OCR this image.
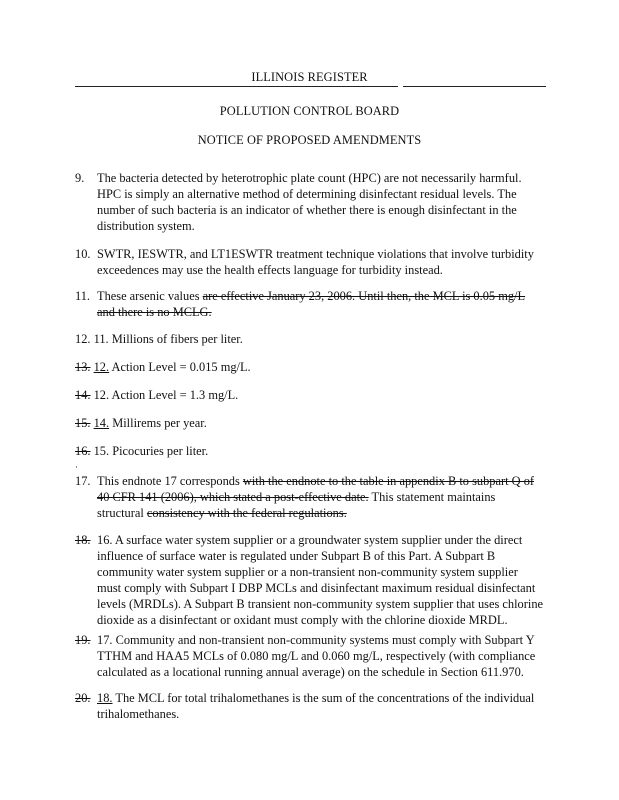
ILLINOIS REGISTER
POLLUTION CONTROL BOARD
NOTICE OF PROPOSED AMENDMENTS
9.	The bacteria detected by heterotrophic plate count (HPC) are not necessarily harmful. HPC is simply an alternative method of determining disinfectant residual levels. The number of such bacteria is an indicator of whether there is enough disinfectant in the distribution system.
10. SWTR, IESWTR, and LT1ESWTR treatment technique violations that involve turbidity exceedences may use the health effects language for turbidity instead.
11. These arsenic values are effective January 23, 2006. Until then, the MCL is 0.05 mg/L and there is no MCLG.
12. 11. Millions of fibers per liter.
13. 12. Action Level = 0.015 mg/L.
14. 12. Action Level = 1.3 mg/L.
15. 14. Millirems per year.
16. 15. Picocuries per liter.
·
17. This endnote 17 corresponds with the endnote to the table in appendix B to subpart Q of 40 CFR 141 (2006), which stated a post-effective date. This statement maintains structural consistency with the federal regulations.
18. 16. A surface water system supplier or a groundwater system supplier under the direct influence of surface water is regulated under Subpart B of this Part. A Subpart B community water system supplier or a non-transient non-community system supplier must comply with Subpart I DBP MCLs and disinfectant maximum residual disinfectant levels (MRDLs). A Subpart B transient non-community system supplier that uses chlorine dioxide as a disinfectant or oxidant must comply with the chlorine dioxide MRDL.
19. 17. Community and non-transient non-community systems must comply with Subpart Y TTHM and HAA5 MCLs of 0.080 mg/L and 0.060 mg/L, respectively (with compliance calculated as a locational running annual average) on the schedule in Section 611.970.
20. 18. The MCL for total trihalomethanes is the sum of the concentrations of the individual trihalomethanes.
